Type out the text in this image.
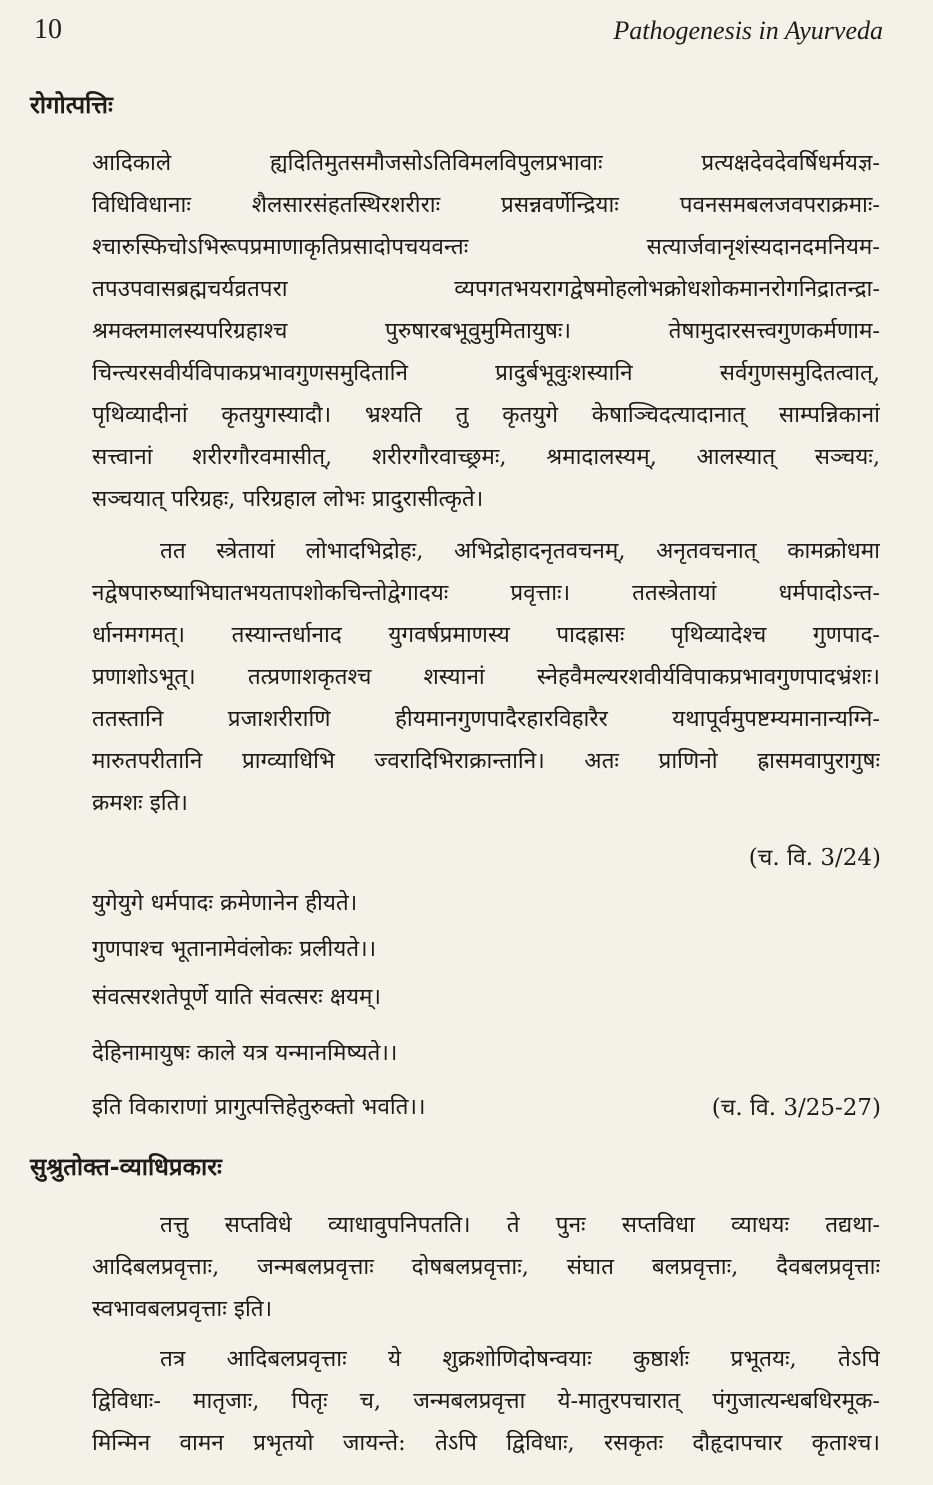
10	Pathogenesis in Ayurveda
रोगोत्पत्तिः
आदिकाले ह्यदितिमुतसमौजसोऽतिविमलविपुलप्रभावाः प्रत्यक्षदेवदेवर्षिधर्मयज्ञ-
विधिविधानाः शैलसारसंहतस्थिरशरीराः प्रसन्नवर्णेन्द्रियाः पवनसमबलजवपराक्रमाः-
श्चारुस्फिचोऽभिरूपप्रमाणाकृतिप्रसादोपचयवन्तः सत्यार्जवानृशंस्यदानदमनियम-
तपउपवासब्रह्मचर्यव्रतपरा व्यपगतभयरागद्वेषमोहलोभक्रोधशोकमानरोगनिद्रातन्द्रा-
श्रमक्लमालस्यपरिग्रहाश्च पुरुषारबभूवुमुमितायुषः। तेषामुदारसत्त्वगुणकर्मणाम-
चिन्त्यरसवीर्यविपाकप्रभावगुणसमुदितानि प्रादुर्बभूवुःशस्यानि सर्वगुणसमुदितत्वात्,
पृथिव्यादीनां कृतयुगस्यादौ। भ्रश्यति तु कृतयुगे केषाञ्चिदत्यादानात् साम्पन्निकानां
सत्त्वानां शरीरगौरवमासीत्, शरीरगौरवाच्छ्रमः, श्रमादालस्यम्, आलस्यात् सञ्चयः,
सञ्चयात् परिग्रहः, परिग्रहाल लोभः प्रादुरासीत्कृते।
तत स्त्रेतायां लोभादभिद्रोहः, अभिद्रोहादनृतवचनम्, अनृतवचनात् कामक्रोधमा
नद्वेषपारुष्याभिघातभयतापशोकचिन्तोद्वेगादयः प्रवृत्ताः। ततस्त्रेतायां धर्मपादोऽन्त-
र्धानमगमत्। तस्यान्तर्धानाद युगवर्षप्रमाणस्य पादह्रासः पृथिव्यादेश्च गुणपाद-
प्रणाशोऽभूत्। तत्प्रणाशकृतश्च शस्यानां स्नेहवैमल्यरशवीर्यविपाकप्रभावगुणपादभ्रंशः।
ततस्तानि प्रजाशरीराणि हीयमानगुणपादैरहारविहारैर यथापूर्वमुपष्टम्यमानान्यग्नि-
मारुतपरीतानि प्राग्व्याधिभि ज्वरादिभिराक्रान्तानि। अतः प्राणिनो ह्रासमवापुरागुषः
क्रमशः इति।
(च. वि. 3/24)
युगेयुगे धर्मपादः क्रमेणानेन हीयते।
गुणपाश्च भूतानामेवंलोकः प्रलीयते।।
संवत्सरशतेपूर्णे याति संवत्सरः क्षयम्।
देहिनामायुषः काले यत्र यन्मानमिष्यते।।
इति विकाराणां प्रागुत्पत्तिहेतुरुक्तो भवति।।	(च. वि. 3/25-27)
सुश्रुतोक्त-व्याधिप्रकारः
तत्तु सप्तविधे व्याधावुपनिपतति। ते पुनः सप्तविधा व्याधयः तद्यथा-
आदिबलप्रवृत्ताः, जन्मबलप्रवृत्ताः दोषबलप्रवृत्ताः, संघात बलप्रवृत्ताः, दैवबलप्रवृत्ताः
स्वभावबलप्रवृत्ताः इति।
तत्र आदिबलप्रवृत्ताः ये शुक्रशोणिदोषन्वयाः कुष्ठार्शः प्रभूतयः, तेऽपि
द्विविधाः- मातृजाः, पितृः च, जन्मबलप्रवृत्ता ये-मातुरपचारात् पंगुजात्यन्धबधिरमूक-
मिन्मिन वामन प्रभृतयो जायन्ते: तेऽपि द्विविधाः, रसकृतः दौहृदापचार कृताश्च।
